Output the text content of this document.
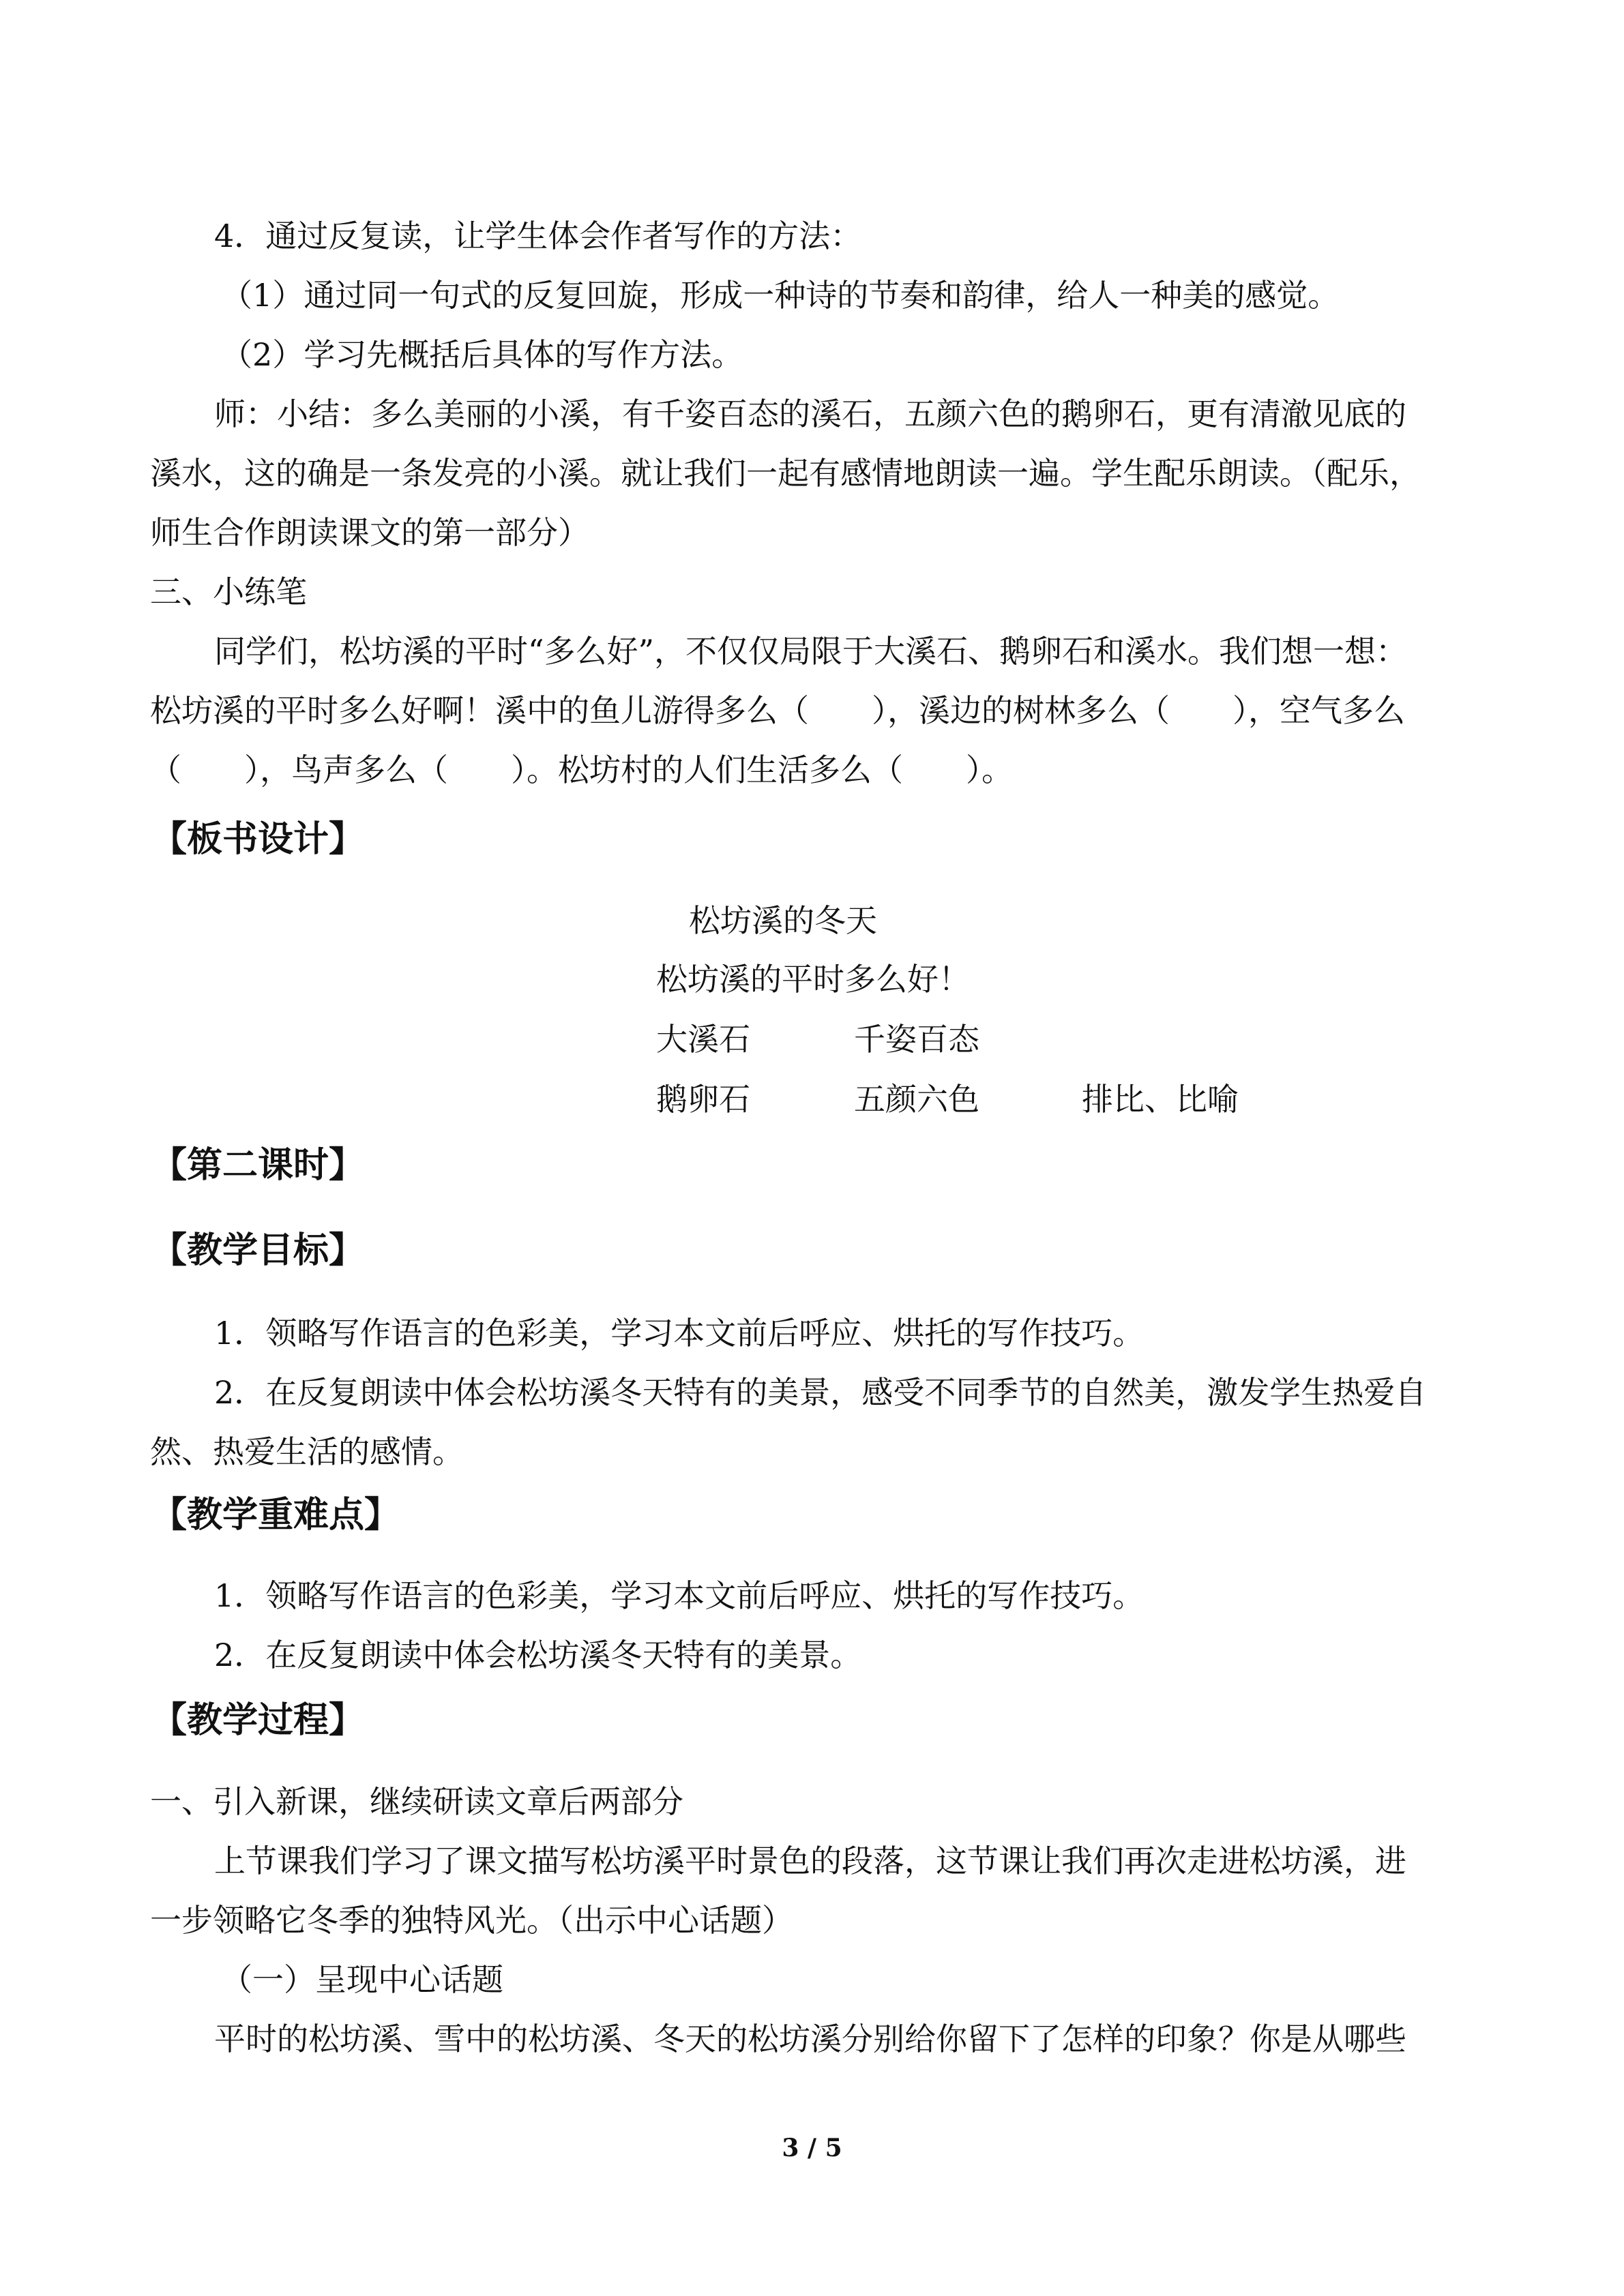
4．通过反复读，让学生体会作者写作的方法：
（1）通过同一句式的反复回旋，形成一种诗的节奏和韵律，给人一种美的感觉。
（2）学习先概括后具体的写作方法。
师：小结：多么美丽的小溪，有千姿百态的溪石，五颜六色的鹅卵石，更有清澈见底的
溪水，这的确是一条发亮的小溪。就让我们一起有感情地朗读一遍。学生配乐朗读。（配乐，
师生合作朗读课文的第一部分）
三、小练笔
同学们，松坊溪的平时“多么好”，不仅仅局限于大溪石、鹅卵石和溪水。我们想一想：
松坊溪的平时多么好啊！溪中的鱼儿游得多么（　　），溪边的树林多么（　　），空气多么
（　　），鸟声多么（　　）。松坊村的人们生活多么（　　）。
【板书设计】
松坊溪的冬天
松坊溪的平时多么好！
大溪石	千姿百态
鹅卵石	五颜六色	排比、比喻
【第二课时】
【教学目标】
1．领略写作语言的色彩美，学习本文前后呼应、烘托的写作技巧。
2．在反复朗读中体会松坊溪冬天特有的美景，感受不同季节的自然美，激发学生热爱自
然、热爱生活的感情。
【教学重难点】
1．领略写作语言的色彩美，学习本文前后呼应、烘托的写作技巧。
2．在反复朗读中体会松坊溪冬天特有的美景。
【教学过程】
一、引入新课，继续研读文章后两部分
上节课我们学习了课文描写松坊溪平时景色的段落，这节课让我们再次走进松坊溪，进
一步领略它冬季的独特风光。（出示中心话题）
（一）呈现中心话题
平时的松坊溪、雪中的松坊溪、冬天的松坊溪分别给你留下了怎样的印象？你是从哪些
3 / 5
